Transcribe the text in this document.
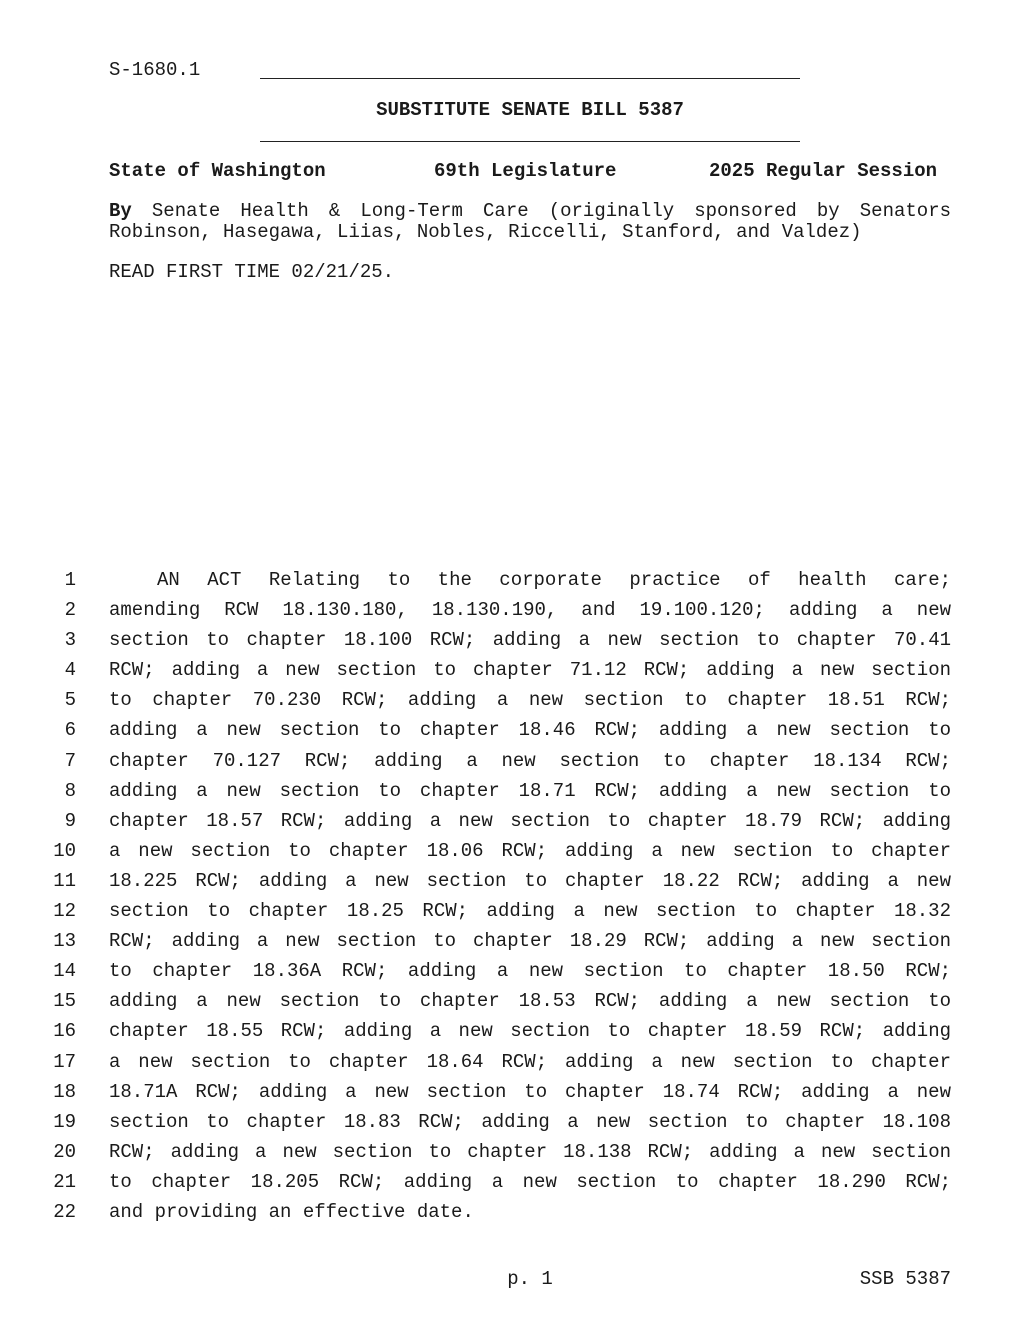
S-1680.1
SUBSTITUTE SENATE BILL 5387
State of Washington	69th Legislature	2025 Regular Session
By Senate Health & Long-Term Care (originally sponsored by Senators
Robinson, Hasegawa, Liias, Nobles, Riccelli, Stanford, and Valdez)
READ FIRST TIME 02/21/25.
1	AN ACT Relating to the corporate practice of health care;
2 amending RCW 18.130.180, 18.130.190, and 19.100.120; adding a new
3 section to chapter 18.100 RCW; adding a new section to chapter 70.41
4 RCW; adding a new section to chapter 71.12 RCW; adding a new section
5 to chapter 70.230 RCW; adding a new section to chapter 18.51 RCW;
6 adding a new section to chapter 18.46 RCW; adding a new section to
7 chapter 70.127 RCW; adding a new section to chapter 18.134 RCW;
8 adding a new section to chapter 18.71 RCW; adding a new section to
9 chapter 18.57 RCW; adding a new section to chapter 18.79 RCW; adding
10 a new section to chapter 18.06 RCW; adding a new section to chapter
11 18.225 RCW; adding a new section to chapter 18.22 RCW; adding a new
12 section to chapter 18.25 RCW; adding a new section to chapter 18.32
13 RCW; adding a new section to chapter 18.29 RCW; adding a new section
14 to chapter 18.36A RCW; adding a new section to chapter 18.50 RCW;
15 adding a new section to chapter 18.53 RCW; adding a new section to
16 chapter 18.55 RCW; adding a new section to chapter 18.59 RCW; adding
17 a new section to chapter 18.64 RCW; adding a new section to chapter
18 18.71A RCW; adding a new section to chapter 18.74 RCW; adding a new
19 section to chapter 18.83 RCW; adding a new section to chapter 18.108
20 RCW; adding a new section to chapter 18.138 RCW; adding a new section
21 to chapter 18.205 RCW; adding a new section to chapter 18.290 RCW;
22 and providing an effective date.
p. 1	SSB 5387
